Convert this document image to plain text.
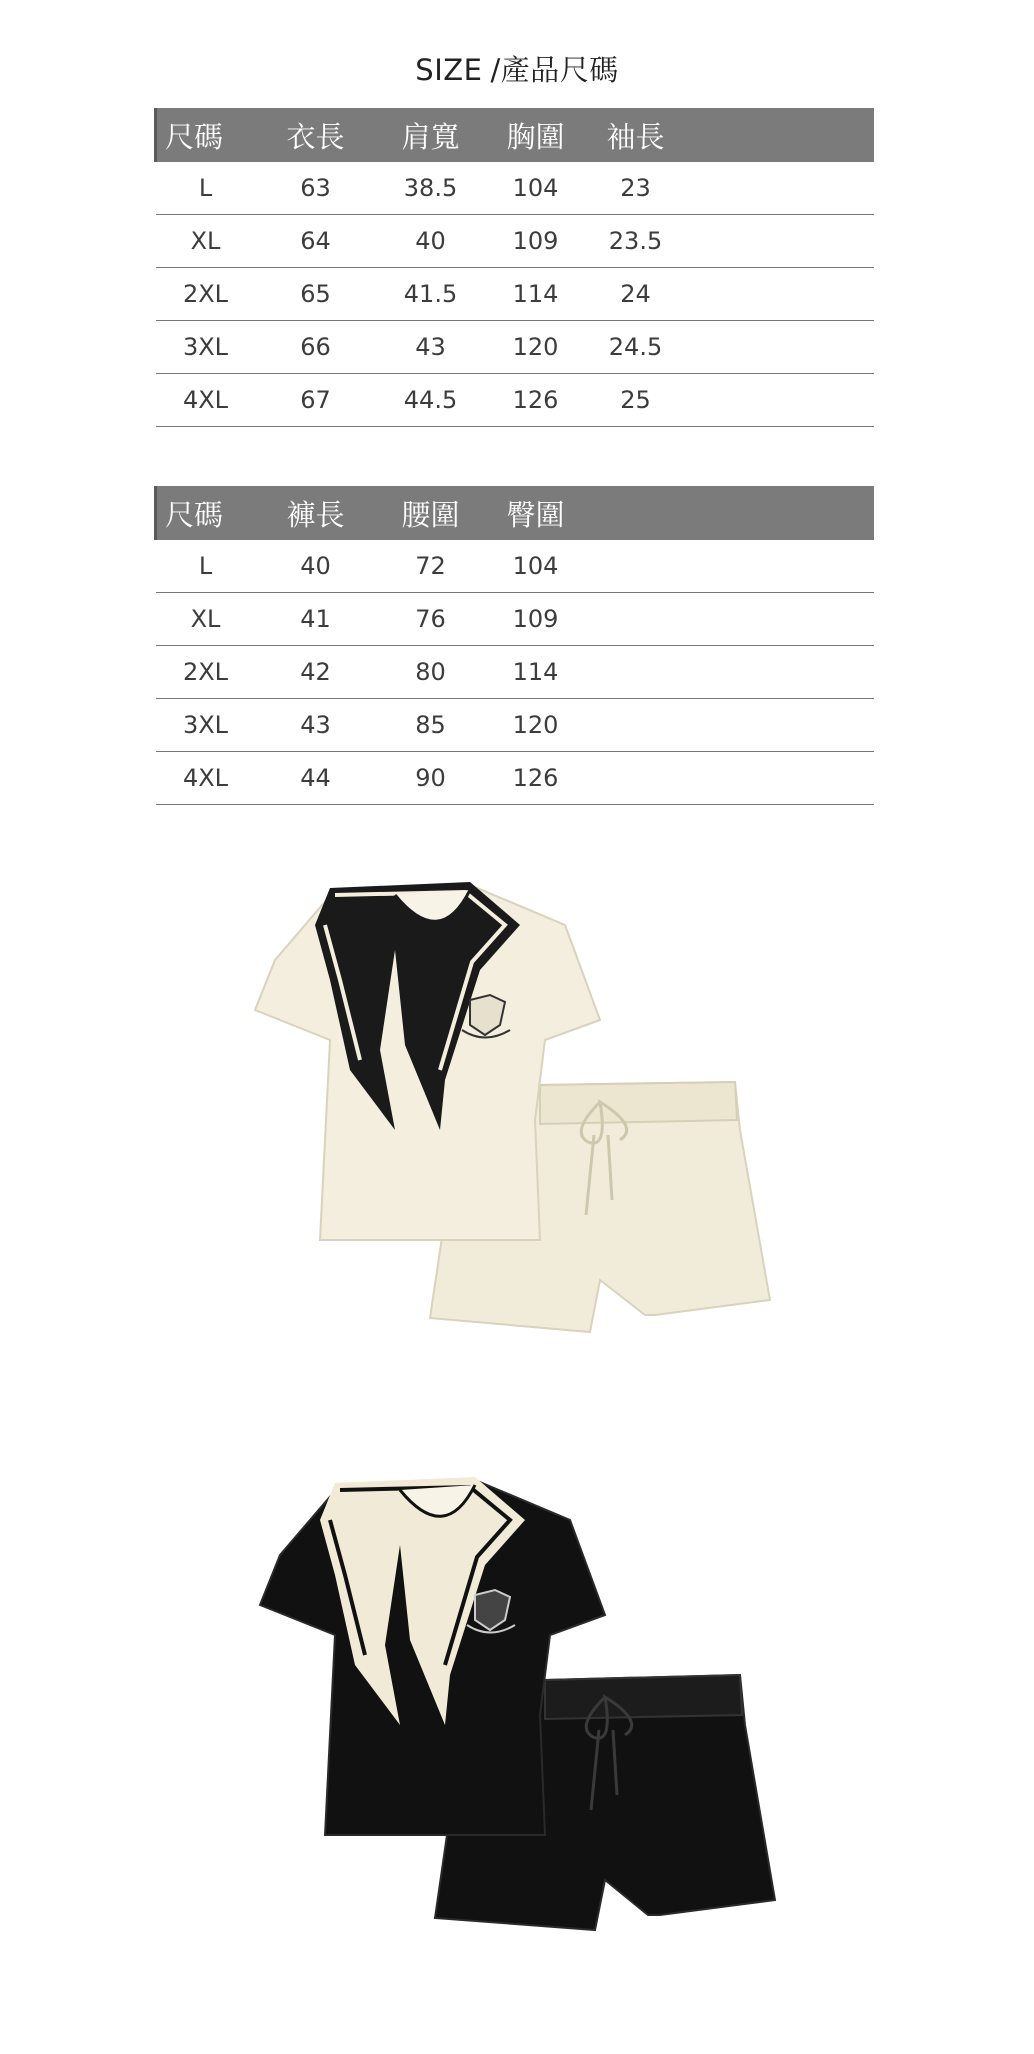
SIZE /產品尺碼
尺碼	衣長	肩寬	胸圍	袖長	
L	63	38.5	104	23	
XL	64	40	109	23.5	
2XL	65	41.5	114	24	
3XL	66	43	120	24.5	
4XL	67	44.5	126	25	
尺碼	褲長	腰圍	臀圍	
L	40	72	104	
XL	41	76	109	
2XL	42	80	114	
3XL	43	85	120	
4XL	44	90	126	
